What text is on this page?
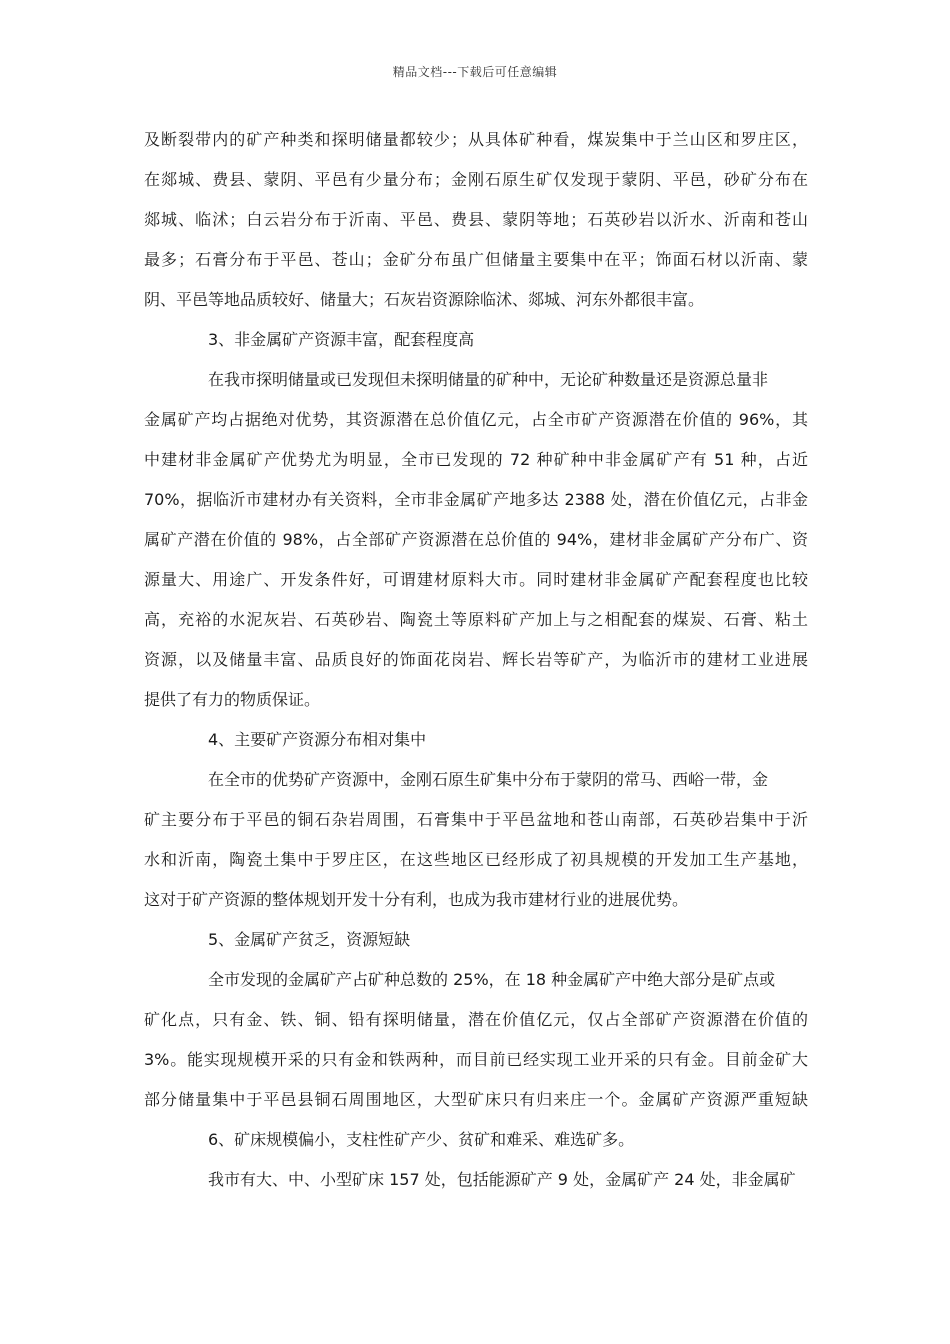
精品文档---下载后可任意编辑
及断裂带内的矿产种类和探明储量都较少；从具体矿种看，煤炭集中于兰山区和罗庄区，
在郯城、费县、蒙阴、平邑有少量分布；金刚石原生矿仅发现于蒙阴、平邑，砂矿分布在
郯城、临沭；白云岩分布于沂南、平邑、费县、蒙阴等地；石英砂岩以沂水、沂南和苍山
最多；石膏分布于平邑、苍山；金矿分布虽广但储量主要集中在平；饰面石材以沂南、蒙
阴、平邑等地品质较好、储量大；石灰岩资源除临沭、郯城、河东外都很丰富。
3、非金属矿产资源丰富，配套程度高
在我市探明储量或已发现但未探明储量的矿种中，无论矿种数量还是资源总量非
金属矿产均占据绝对优势，其资源潜在总价值亿元，占全市矿产资源潜在价值的 96%，其
中建材非金属矿产优势尤为明显，全市已发现的 72 种矿种中非金属矿产有 51 种，占近
70%，据临沂市建材办有关资料，全市非金属矿产地多达 2388 处，潜在价值亿元，占非金
属矿产潜在价值的 98%，占全部矿产资源潜在总价值的 94%，建材非金属矿产分布广、资
源量大、用途广、开发条件好，可谓建材原料大市。同时建材非金属矿产配套程度也比较
高，充裕的水泥灰岩、石英砂岩、陶瓷土等原料矿产加上与之相配套的煤炭、石膏、粘土
资源，以及储量丰富、品质良好的饰面花岗岩、辉长岩等矿产，为临沂市的建材工业进展
提供了有力的物质保证。
4、主要矿产资源分布相对集中
在全市的优势矿产资源中，金刚石原生矿集中分布于蒙阴的常马、西峪一带，金
矿主要分布于平邑的铜石杂岩周围，石膏集中于平邑盆地和苍山南部，石英砂岩集中于沂
水和沂南，陶瓷土集中于罗庄区，在这些地区已经形成了初具规模的开发加工生产基地，
这对于矿产资源的整体规划开发十分有利，也成为我市建材行业的进展优势。
5、金属矿产贫乏，资源短缺
全市发现的金属矿产占矿种总数的 25%，在 18 种金属矿产中绝大部分是矿点或
矿化点，只有金、铁、铜、铅有探明储量，潜在价值亿元，仅占全部矿产资源潜在价值的
3%。能实现规模开采的只有金和铁两种，而目前已经实现工业开采的只有金。目前金矿大
部分储量集中于平邑县铜石周围地区，大型矿床只有归来庄一个。金属矿产资源严重短缺
6、矿床规模偏小，支柱性矿产少、贫矿和难采、难选矿多。
我市有大、中、小型矿床 157 处，包括能源矿产 9 处，金属矿产 24 处，非金属矿
